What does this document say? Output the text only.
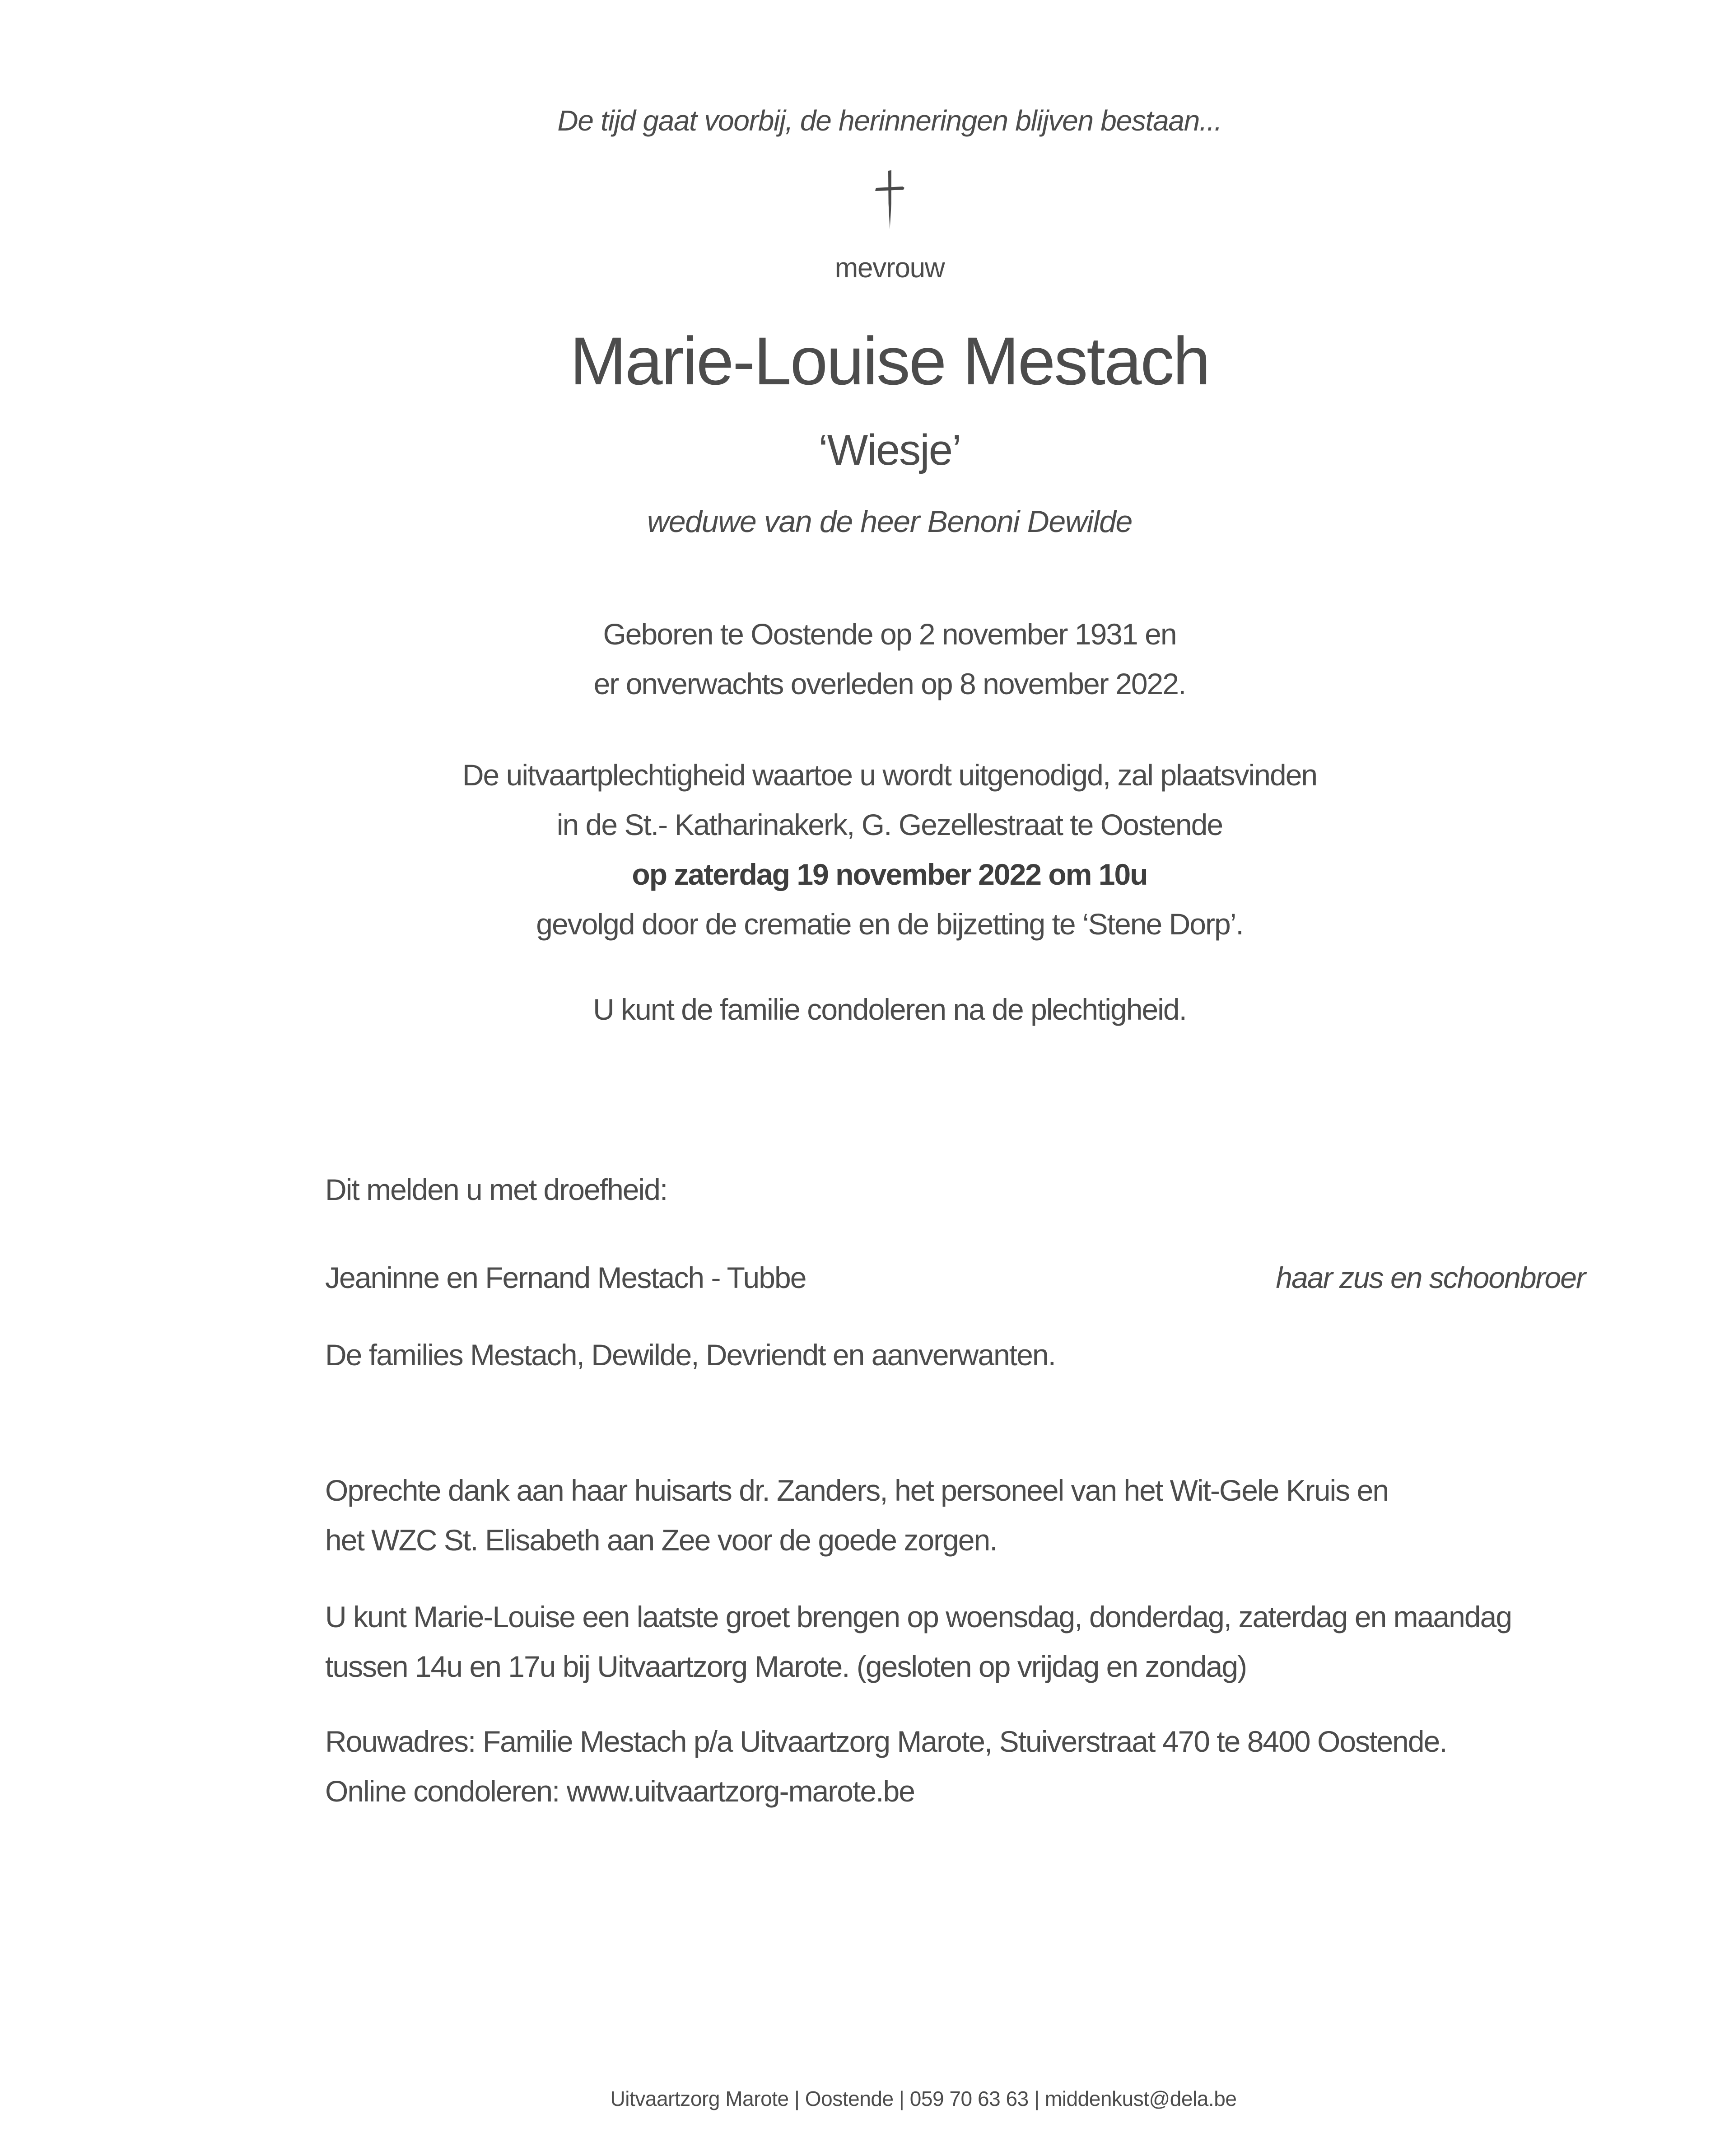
De tijd gaat voorbij, de herinneringen blijven bestaan...
mevrouw
Marie-Louise Mestach
‘Wiesje’
weduwe van de heer Benoni Dewilde
Geboren te Oostende op 2 november 1931 en
er onverwachts overleden op 8 november 2022.
De uitvaartplechtigheid waartoe u wordt uitgenodigd, zal plaatsvinden
in de St.- Katharinakerk, G. Gezellestraat te Oostende
op zaterdag 19 november 2022 om 10u
gevolgd door de crematie en de bijzetting te ‘Stene Dorp’.
U kunt de familie condoleren na de plechtigheid.
Dit melden u met droefheid:
Jeaninne en Fernand Mestach - Tubbe	haar zus en schoonbroer
De families Mestach, Dewilde, Devriendt en aanverwanten.
Oprechte dank aan haar huisarts dr. Zanders, het personeel van het Wit-Gele Kruis en
het WZC St. Elisabeth aan Zee voor de goede zorgen.
U kunt Marie-Louise een laatste groet brengen op woensdag, donderdag, zaterdag en maandag
tussen 14u en 17u bij Uitvaartzorg Marote. (gesloten op vrijdag en zondag)
Rouwadres: Familie Mestach p/a Uitvaartzorg Marote, Stuiverstraat 470 te 8400 Oostende.
Online condoleren: www.uitvaartzorg-marote.be
Uitvaartzorg Marote | Oostende | 059 70 63 63 | middenkust@dela.be
